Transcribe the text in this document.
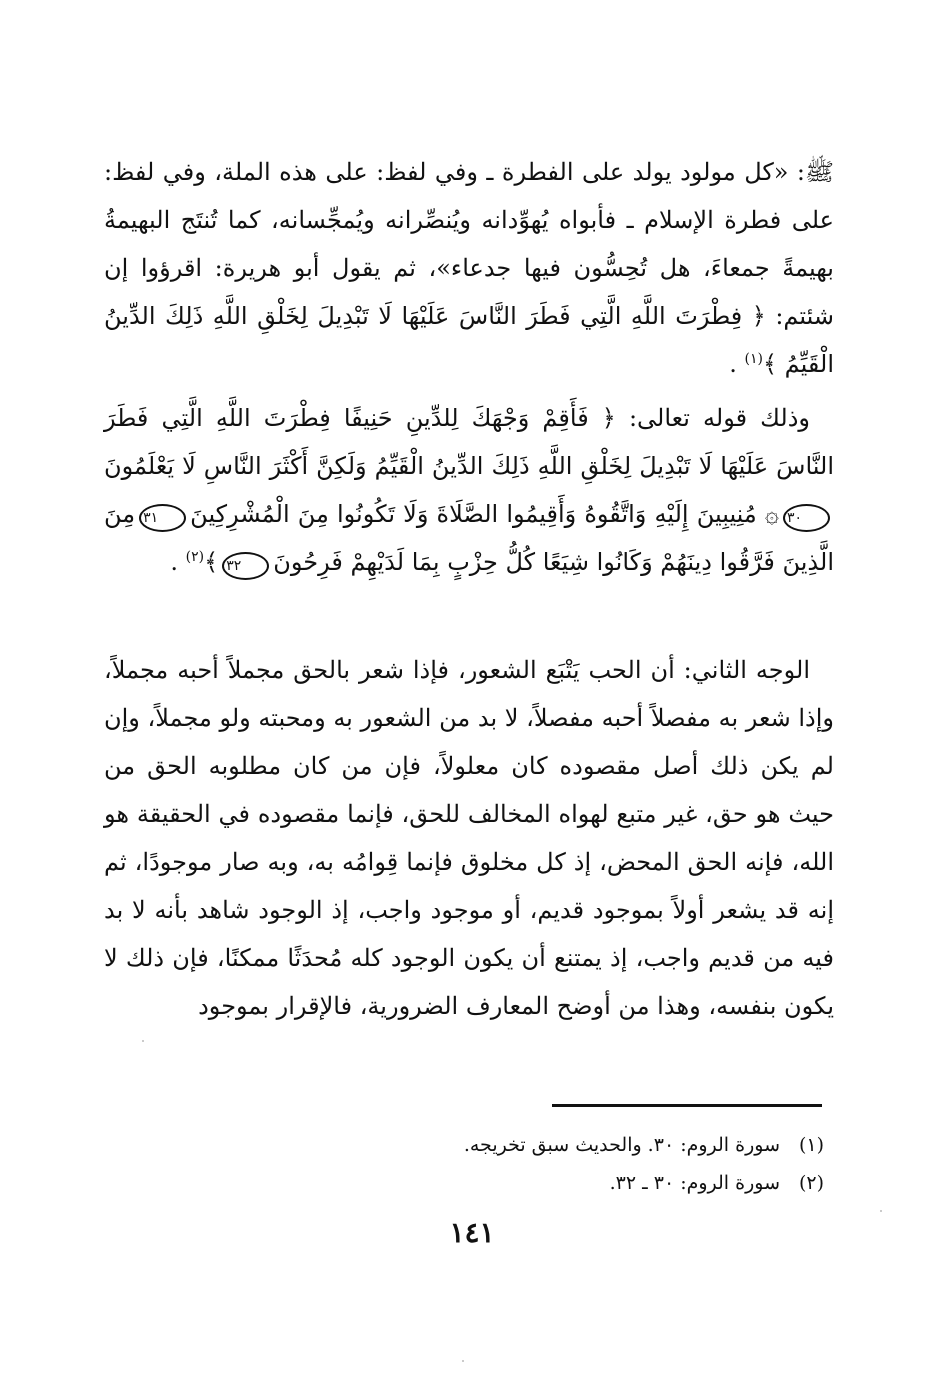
ﷺ: «كل مولود يولد على الفطرة ـ وفي لفظ: على هذه الملة، وفي لفظ: على فطرة الإسلام ـ فأبواه يُهوِّدانه ويُنصِّرانه ويُمجِّسانه، كما تُنتَج البهيمةُ بهيمةً جمعاءَ، هل تُحِسُّون فيها جدعاء»، ثم يقول أبو هريرة: اقرؤوا إن شئتم: ﴿ فِطْرَتَ اللَّهِ الَّتِي فَطَرَ النَّاسَ عَلَيْهَا لَا تَبْدِيلَ لِخَلْقِ اللَّهِ ذَلِكَ الدِّينُ الْقَيِّمُ ﴾$^{(١)}$ .

وذلك قوله تعالى: ﴿ فَأَقِمْ وَجْهَكَ لِلدِّينِ حَنِيفًا فِطْرَتَ اللَّهِ الَّتِي فَطَرَ النَّاسَ عَلَيْهَا لَا تَبْدِيلَ لِخَلْقِ اللَّهِ ذَلِكَ الدِّينُ الْقَيِّمُ وَلَكِنَّ أَكْثَرَ النَّاسِ لَا يَعْلَمُونَ٣٠۞ مُنِيبِينَ إِلَيْهِ وَاتَّقُوهُ وَأَقِيمُوا الصَّلَاةَ وَلَا تَكُونُوا مِنَ الْمُشْرِكِينَ٣١مِنَ الَّذِينَ فَرَّقُوا دِينَهُمْ وَكَانُوا شِيَعًا كُلُّ حِزْبٍ بِمَا لَدَيْهِمْ فَرِحُونَ٣٢﴾$^{(٢)}$ .

الوجه الثاني: أن الحب يَتْبَع الشعور، فإذا شعر بالحق مجملاً أحبه مجملاً، وإذا شعر به مفصلاً أحبه مفصلاً، لا بد من الشعور به ومحبته ولو مجملاً، وإن لم يكن ذلك أصل مقصوده كان معلولاً، فإن من كان مطلوبه الحق من حيث هو حق، غير متبع لهواه المخالف للحق، فإنما مقصوده في الحقيقة هو الله، فإنه الحق المحض، إذ كل مخلوق فإنما قِوامُه به، وبه صار موجودًا، ثم إنه قد يشعر أولاً بموجود قديم، أو موجود واجب، إذ الوجود شاهد بأنه لا بد فيه من قديم واجب، إذ يمتنع أن يكون الوجود كله مُحدَثًا ممكنًا، فإن ذلك لا يكون بنفسه، وهذا من أوضح المعارف الضرورية، فالإقرار بموجود

(١)سورة الروم: ٣٠. والحديث سبق تخريجه.

(٢)سورة الروم: ٣٠ ـ ٣٢.

١٤١
